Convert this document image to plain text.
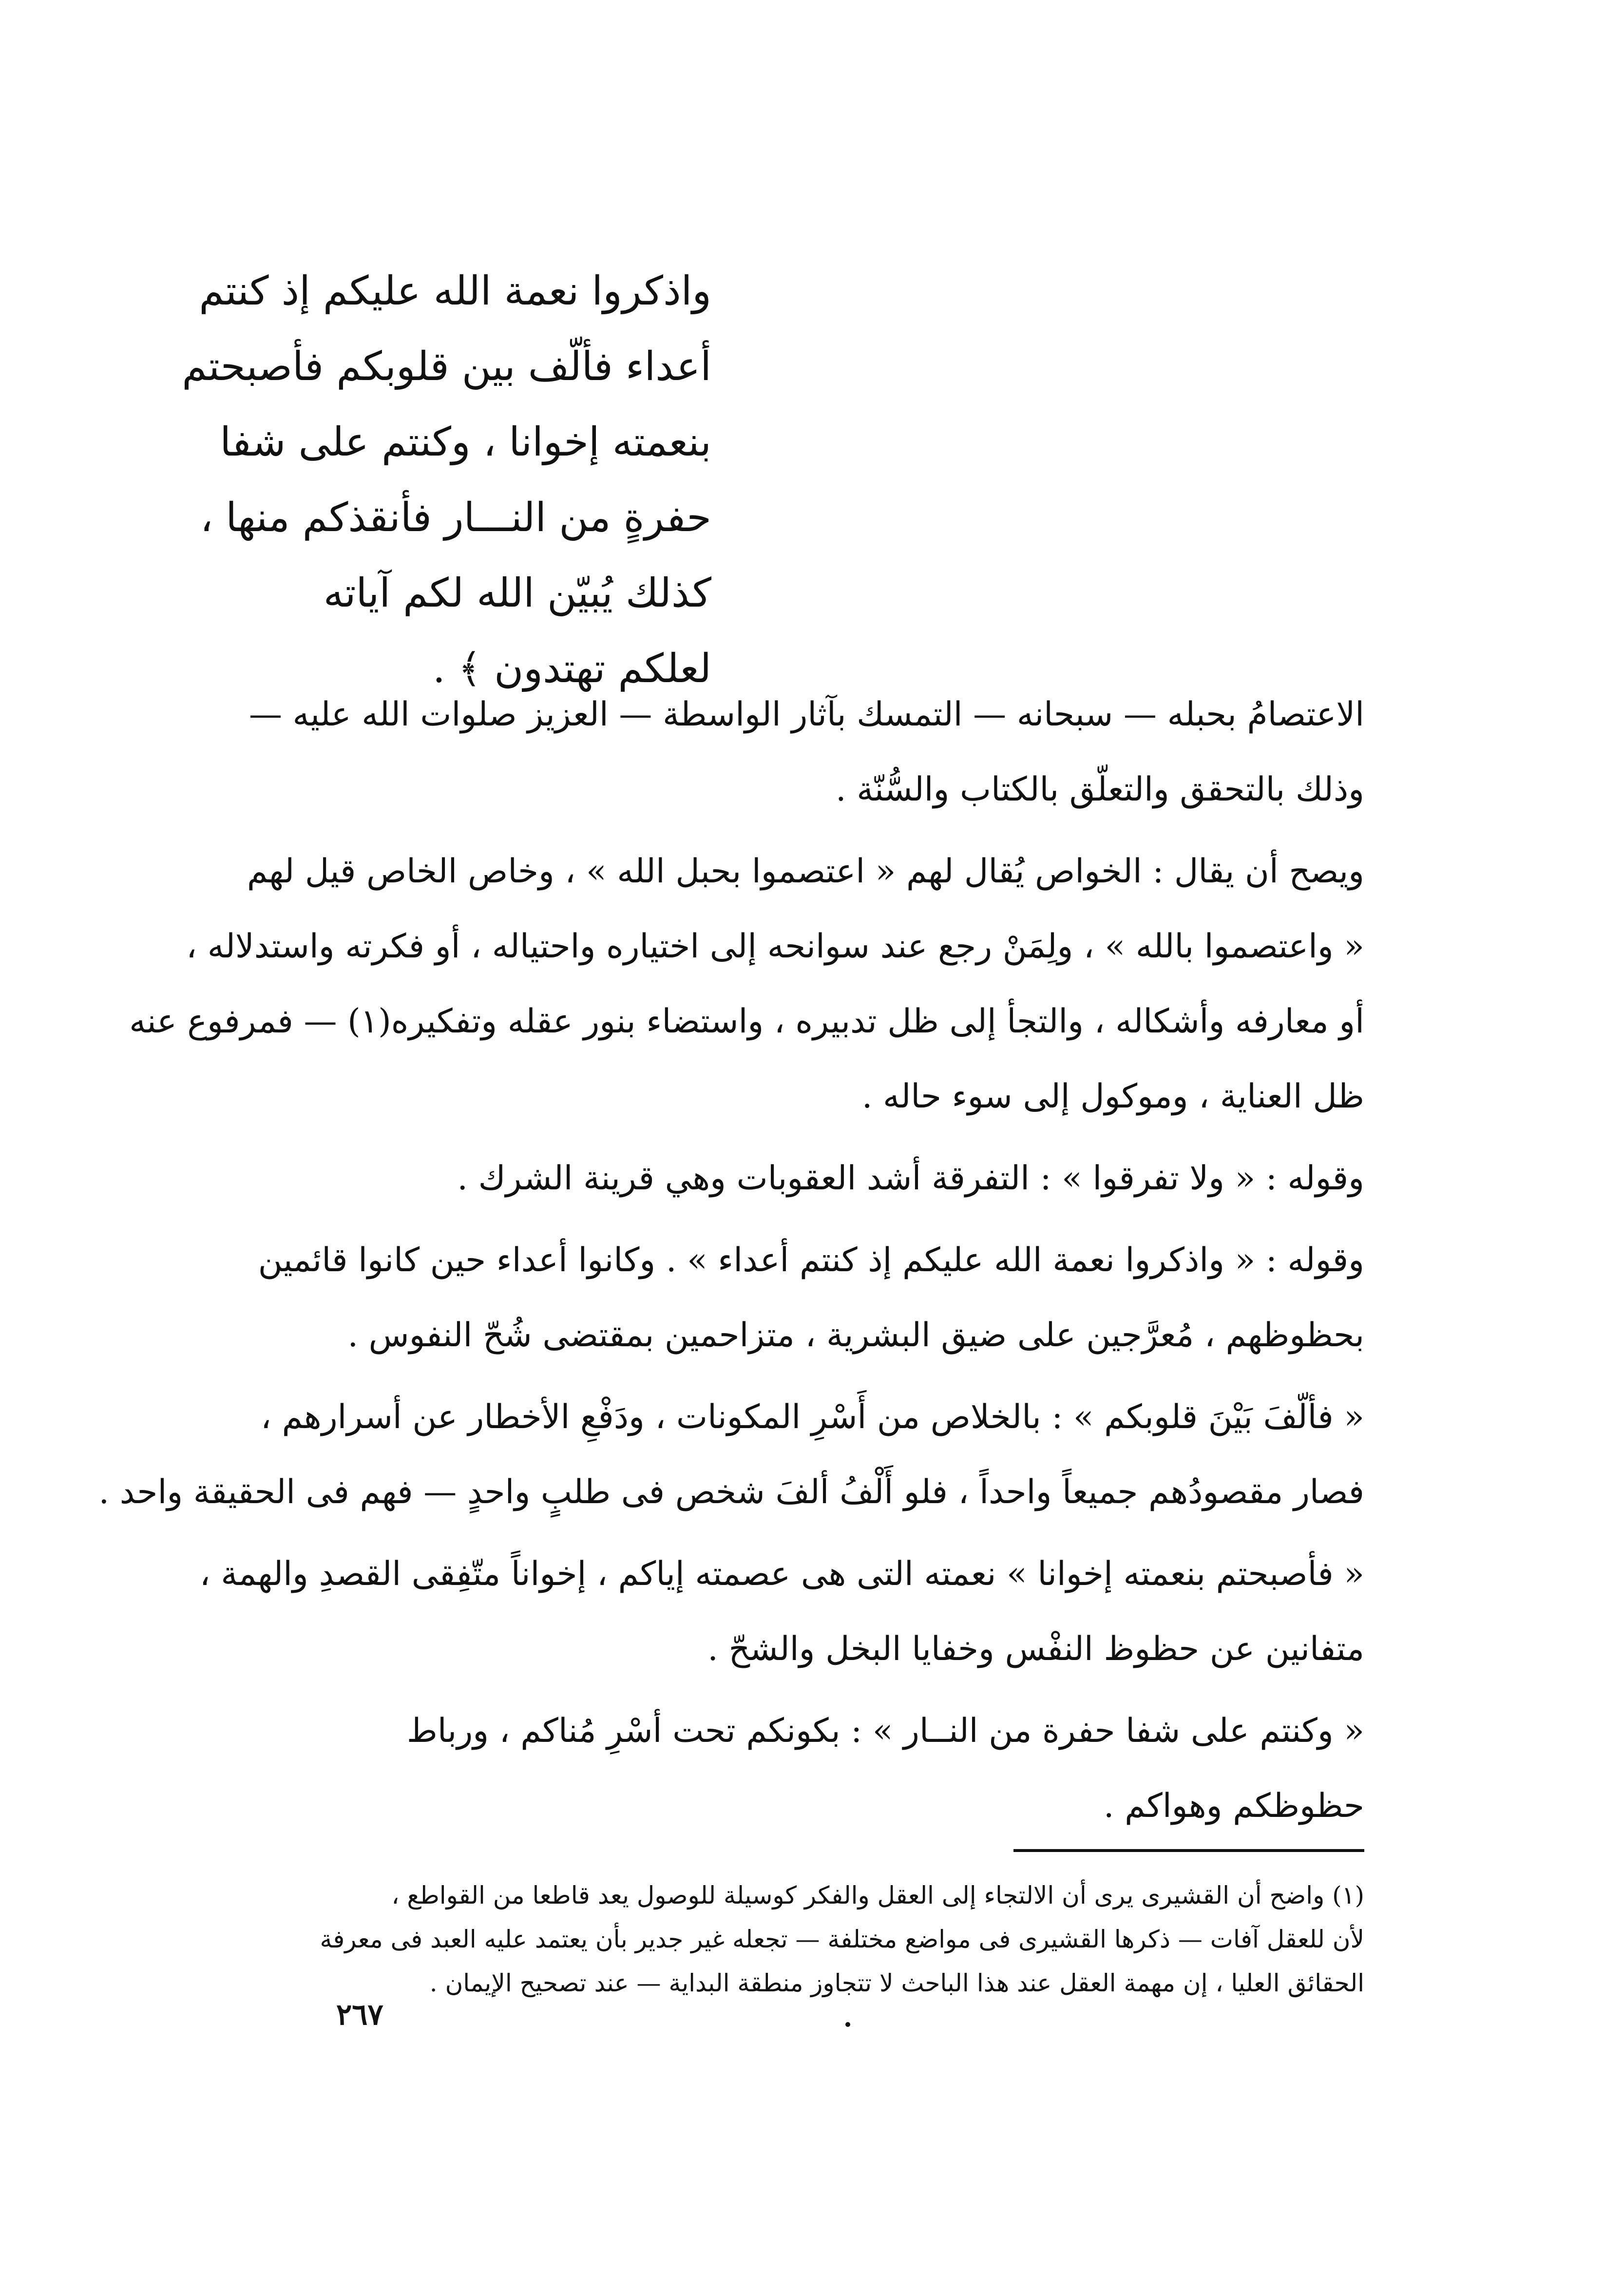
واذكروا نعمة الله عليكم إذ كنتم
أعداء فألّف بين قلوبكم فأصبحتم
بنعمته إخوانا ، وكنتم على شفا
حفرةٍ من النـــار فأنقذكم منها ،
كذلك يُبيّن الله لكم آياته
لعلكم تهتدون ﴾ .

الاعتصامُ بحبله — سبحانه — التمسك بآثار الواسطة — العزيز صلوات الله عليه —
وذلك بالتحقق والتعلّق بالكتاب والسُّنّة .

ويصح أن يقال : الخواص يُقال لهم « اعتصموا بحبل الله » ، وخاص الخاص قيل لهم
« واعتصموا بالله » ، ولِمَنْ رجع عند سوانحه إلى اختياره واحتياله ، أو فكرته واستدلاله ،
أو معارفه وأشكاله ، والتجأ إلى ظل تدبيره ، واستضاء بنور عقله وتفكيره(١) — فمرفوع عنه
ظل العناية ، وموكول إلى سوء حاله .

وقوله : « ولا تفرقوا » : التفرقة أشد العقوبات وهي قرينة الشرك .

وقوله : « واذكروا نعمة الله عليكم إذ كنتم أعداء » . وكانوا أعداء حين كانوا قائمين
بحظوظهم ، مُعرَّجين على ضيق البشرية ، متزاحمين بمقتضى شُحّ النفوس .

« فألّفَ بَيْنَ قلوبكم » : بالخلاص من أَسْرِ المكونات ، ودَفْعِ الأخطار عن أسرارهم ،
فصار مقصودُهم جميعاً واحداً ، فلو أَلْفُ ألفَ شخص فى طلبٍ واحدٍ — فهم فى الحقيقة واحد .

« فأصبحتم بنعمته إخوانا » نعمته التى هى عصمته إياكم ، إخواناً متّفِقى القصدِ والهمة ،
متفانين عن حظوظ النفْس وخفايا البخل والشحّ .

« وكنتم على شفا حفرة من النــار » : بكونكم تحت أسْرِ مُناكم ، ورباط
حظوظكم وهواكم .

(١) واضح أن القشيرى يرى أن الالتجاء إلى العقل والفكر كوسيلة للوصول يعد قاطعا من القواطع ،
لأن للعقل آفات — ذكرها القشيرى فى مواضع مختلفة — تجعله غير جدير بأن يعتمد عليه العبد فى معرفة
الحقائق العليا ، إن مهمة العقل عند هذا الباحث لا تتجاوز منطقة البداية — عند تصحيح الإيمان .
٢٦٧
